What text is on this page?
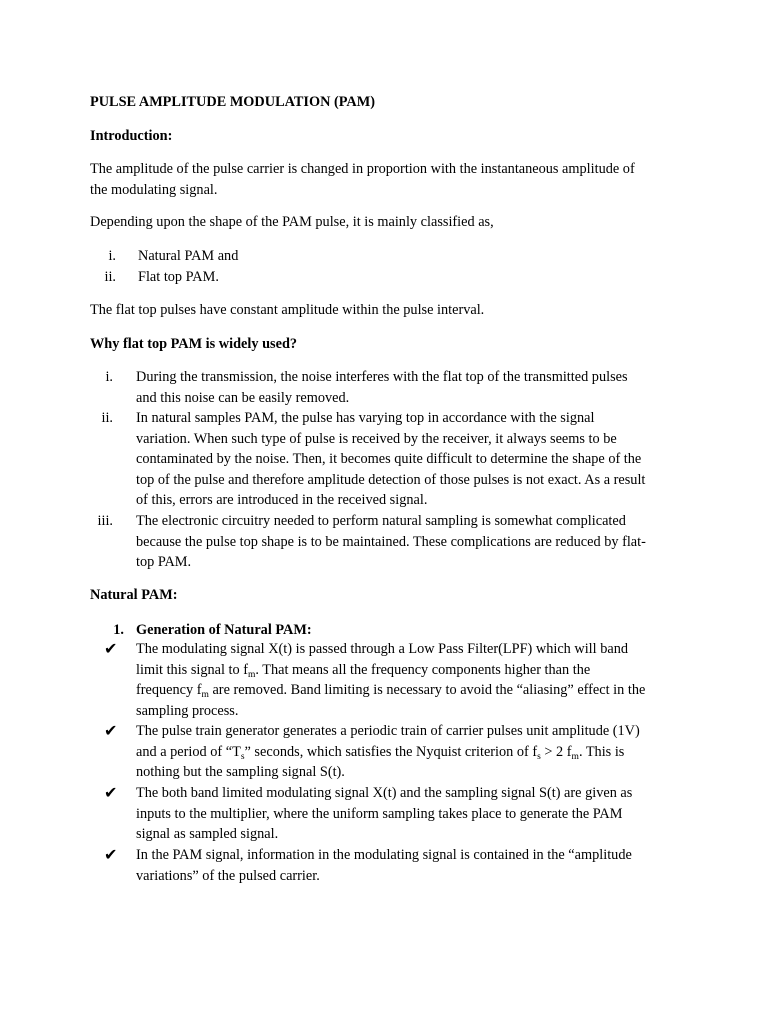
PULSE AMPLITUDE MODULATION (PAM)
Introduction:
The amplitude of the pulse carrier is changed in proportion with the instantaneous amplitude of
the modulating signal.
Depending upon the shape of the PAM pulse, it is mainly classified as,
i. Natural PAM and
ii. Flat top PAM.
The flat top pulses have constant amplitude within the pulse interval.
Why flat top PAM is widely used?
i. During the transmission, the noise interferes with the flat top of the transmitted pulses
and this noise can be easily removed.
ii. In natural samples PAM, the pulse has varying top in accordance with the signal
variation. When such type of pulse is received by the receiver, it always seems to be
contaminated by the noise. Then, it becomes quite difficult to determine the shape of the
top of the pulse and therefore amplitude detection of those pulses is not exact. As a result
of this, errors are introduced in the received signal.
iii. The electronic circuitry needed to perform natural sampling is somewhat complicated
because the pulse top shape is to be maintained. These complications are reduced by flat-
top PAM.
Natural PAM:
1. Generation of Natural PAM:
✔ The modulating signal X(t) is passed through a Low Pass Filter(LPF) which will band
limit this signal to $f_m$. That means all the frequency components higher than the
frequency $f_m$ are removed. Band limiting is necessary to avoid the “aliasing” effect in the
sampling process.
✔ The pulse train generator generates a periodic train of carrier pulses unit amplitude (1V)
and a period of “$T_s$” seconds, which satisfies the Nyquist criterion of $f_s > 2$ $f_m$. This is
nothing but the sampling signal S(t).
✔ The both band limited modulating signal X(t) and the sampling signal S(t) are given as
inputs to the multiplier, where the uniform sampling takes place to generate the PAM
signal as sampled signal.
✔ In the PAM signal, information in the modulating signal is contained in the “amplitude
variations” of the pulsed carrier.
